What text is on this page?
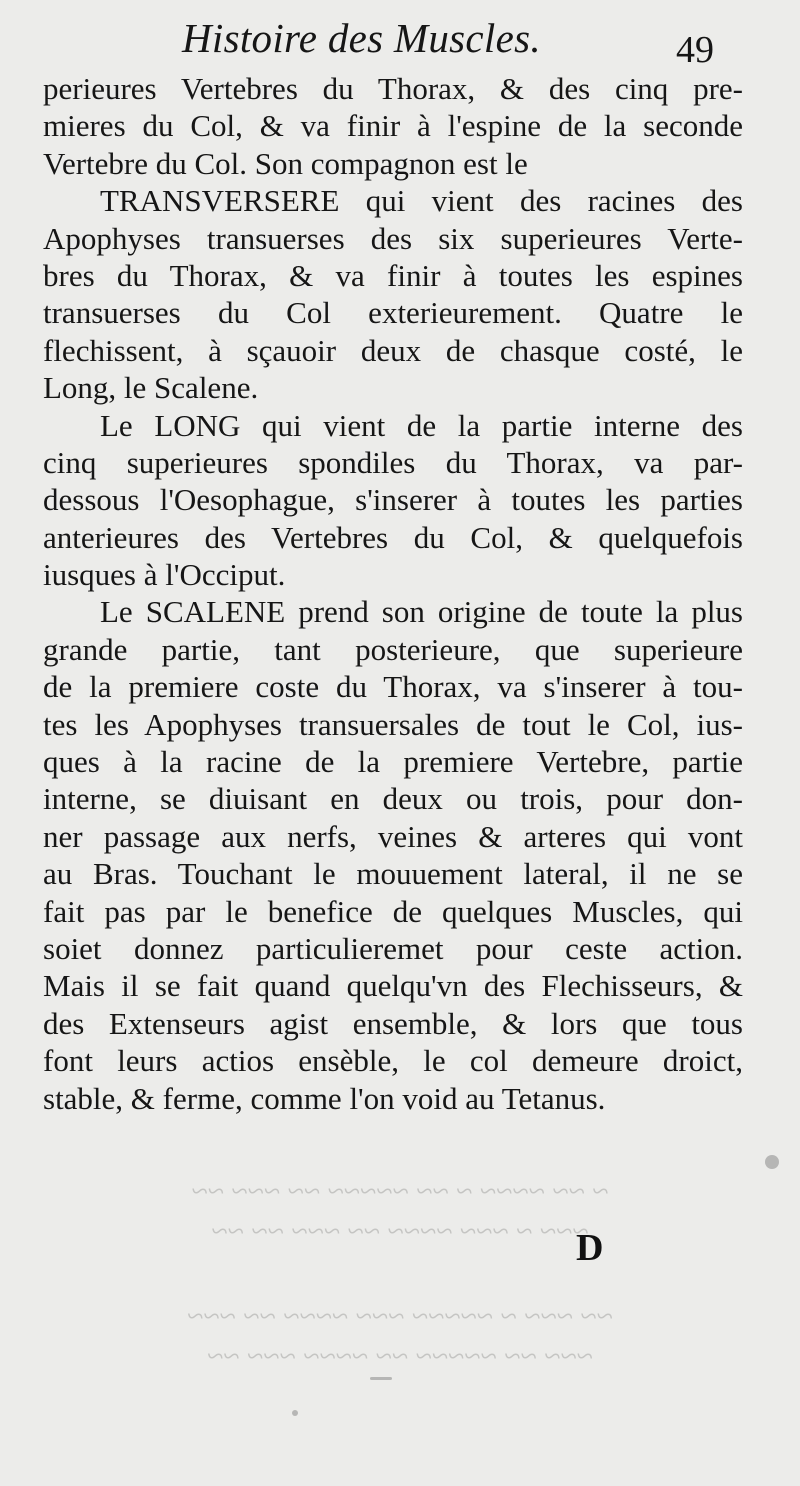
~ ~~ ~~~~ ~ ~~ ~~~~~ ~~ ~~~ ~~
~~~ ~ ~~~ ~~~~ ~~ ~~~ ~~ ~~
~~ ~~~ ~ ~~~~~ ~~~ ~~~~ ~~ ~~~
~~~ ~~ ~~~~~ ~~ ~~~~ ~~~ ~~
Histoire des Muscles.	49
perieures Vertebres du Thorax, & des cinq pre-
mieres du Col, & va finir à l'espine de la seconde
Vertebre du Col. Son compagnon est le
TRANSVERSERE qui vient des racines des
Apophyses transuerses des six superieures Verte-
bres du Thorax, & va finir à toutes les espines
transuerses du Col exterieurement. Quatre le
flechissent, à sçauoir deux de chasque costé, le
Long, le Scalene.
Le LONG qui vient de la partie interne des
cinq superieures spondiles du Thorax, va par-
dessous l'Oesophague, s'inserer à toutes les parties
anterieures des Vertebres du Col, & quelquefois
iusques à l'Occiput.
Le SCALENE prend son origine de toute la plus
grande partie, tant posterieure, que superieure
de la premiere coste du Thorax, va s'inserer à tou-
tes les Apophyses transuersales de tout le Col, ius-
ques à la racine de la premiere Vertebre, partie
interne, se diuisant en deux ou trois, pour don-
ner passage aux nerfs, veines & arteres qui vont
au Bras. Touchant le mouuement lateral, il ne se
fait pas par le benefice de quelques Muscles, qui
soiet donnez particulieremet pour ceste action.
Mais il se fait quand quelqu'vn des Flechisseurs, &
des Extenseurs agist ensemble, & lors que tous
font leurs actios ensèble, le col demeure droict,
stable, & ferme, comme l'on void au Tetanus.
D
